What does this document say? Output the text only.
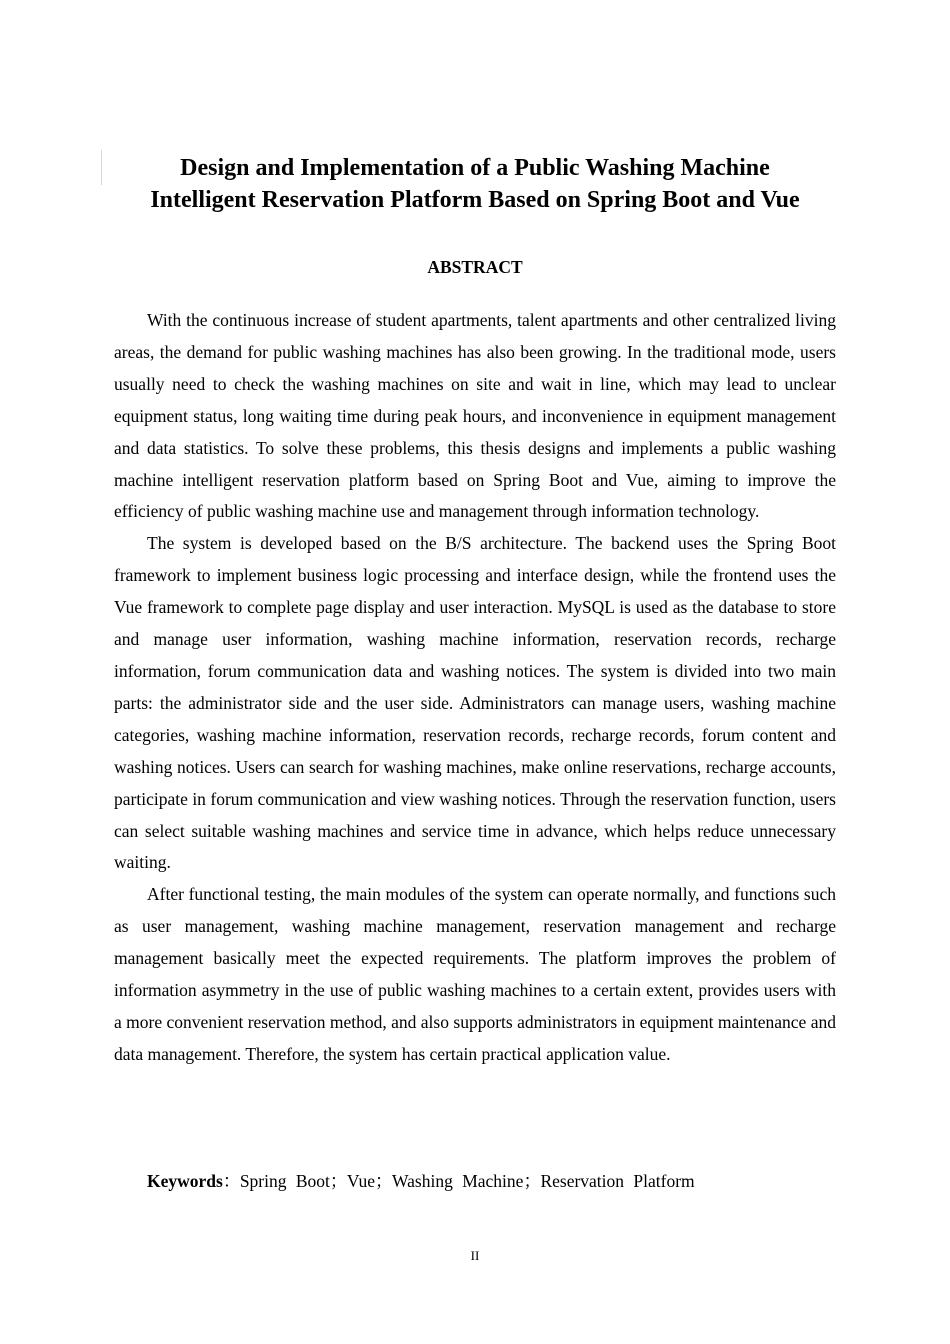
Design and Implementation of a Public Washing Machine
Intelligent Reservation Platform Based on Spring Boot and Vue
ABSTRACT

With the continuous increase of student apartments, talent apartments and other centralized living areas, the demand for public washing machines has also been growing. In the traditional mode, users usually need to check the washing machines on site and wait in line, which may lead to unclear equipment status, long waiting time during peak hours, and inconvenience in equipment management and data statistics. To solve these problems, this thesis designs and implements a public washing machine intelligent reservation platform based on Spring Boot and Vue, aiming to improve the efficiency of public washing machine use and management through information technology.

The system is developed based on the B/S architecture. The backend uses the Spring Boot framework to implement business logic processing and interface design, while the frontend uses the Vue framework to complete page display and user interaction. MySQL is used as the database to store and manage user information, washing machine information, reservation records, recharge information, forum communication data and washing notices. The system is divided into two main parts: the administrator side and the user side. Administrators can manage users, washing machine categories, washing machine information, reservation records, recharge records, forum content and washing notices. Users can search for washing machines, make online reservations, recharge accounts, participate in forum communication and view washing notices. Through the reservation function, users can select suitable washing machines and service time in advance, which helps reduce unnecessary waiting.

After functional testing, the main modules of the system can operate normally, and functions such as user management, washing machine management, reservation management and recharge management basically meet the expected requirements. The platform improves the problem of information asymmetry in the use of public washing machines to a certain extent, provides users with a more convenient reservation method, and also supports administrators in equipment maintenance and data management. Therefore, the system has certain practical application value.

Keywords：Spring Boot；Vue；Washing Machine；Reservation Platform
II
